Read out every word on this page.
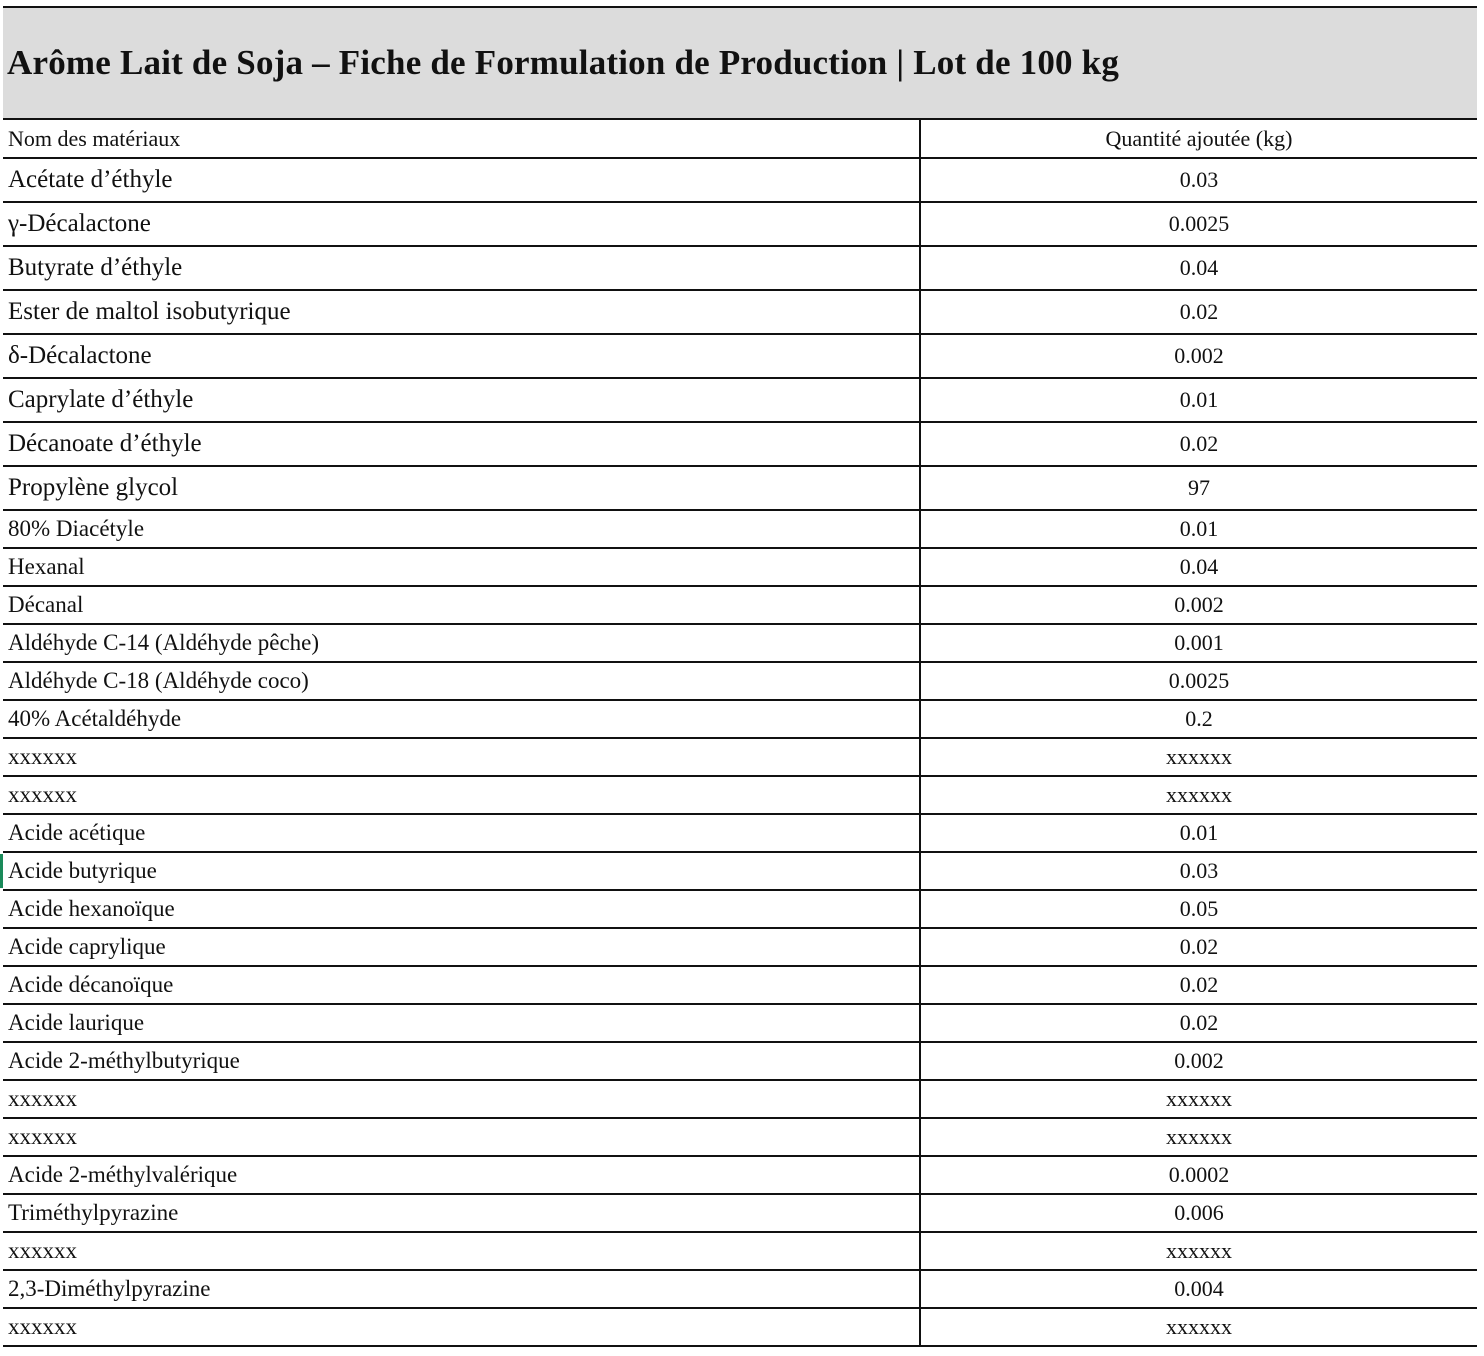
Arôme Lait de Soja – Fiche de Formulation de Production | Lot de 100 kg
Nom des matériaux	Quantité ajoutée (kg)
Acétate d’éthyle	0.03
γ-Décalactone	0.0025
Butyrate d’éthyle	0.04
Ester de maltol isobutyrique	0.02
δ-Décalactone	0.002
Caprylate d’éthyle	0.01
Décanoate d’éthyle	0.02
Propylène glycol	97
80% Diacétyle	0.01
Hexanal	0.04
Décanal	0.002
Aldéhyde C-14 (Aldéhyde pêche)	0.001
Aldéhyde C-18 (Aldéhyde coco)	0.0025
40% Acétaldéhyde	0.2
xxxxxx	xxxxxx
xxxxxx	xxxxxx
Acide acétique	0.01
Acide butyrique	0.03
Acide hexanoïque	0.05
Acide caprylique	0.02
Acide décanoïque	0.02
Acide laurique	0.02
Acide 2-méthylbutyrique	0.002
xxxxxx	xxxxxx
xxxxxx	xxxxxx
Acide 2-méthylvalérique	0.0002
Triméthylpyrazine	0.006
xxxxxx	xxxxxx
2,3-Diméthylpyrazine	0.004
xxxxxx	xxxxxx
